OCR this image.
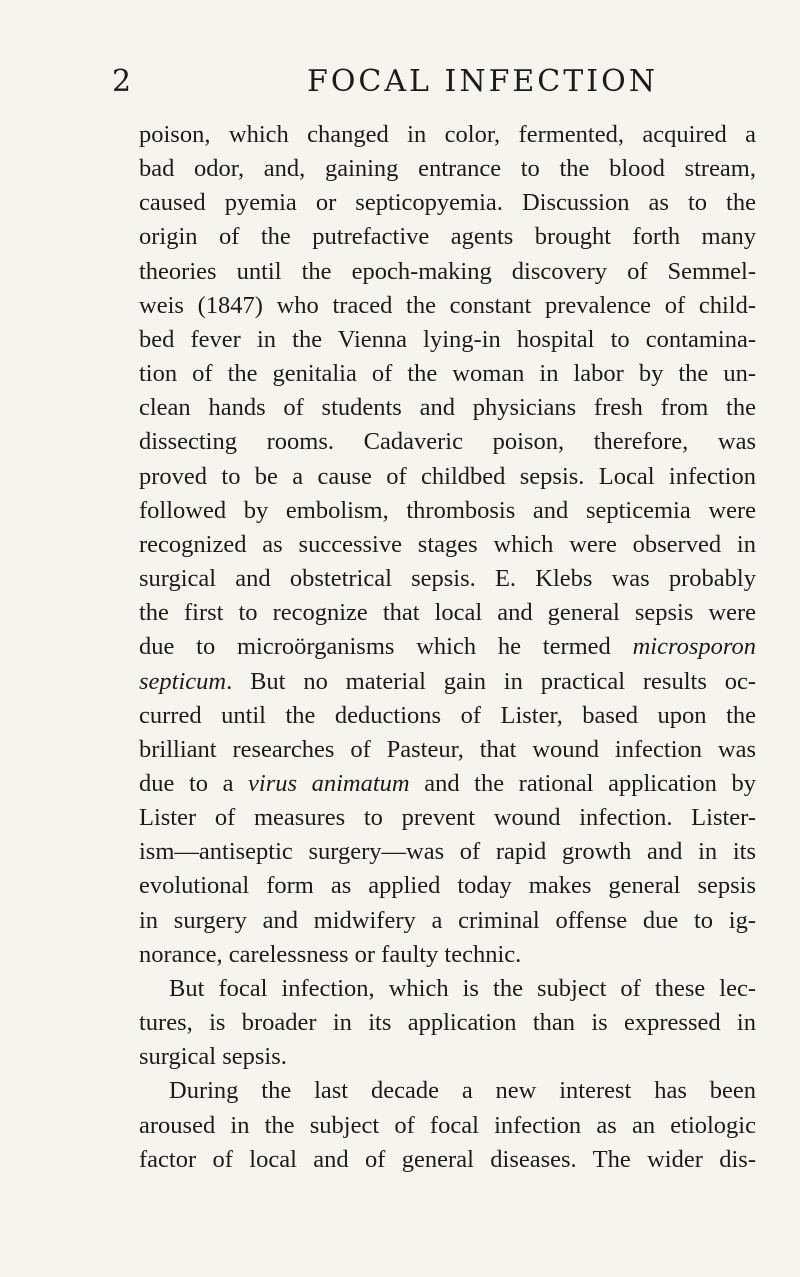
2	FOCAL INFECTION
poison, which changed in color, fermented, acquired a
bad odor, and, gaining entrance to the blood stream,
caused pyemia or septicopyemia. Discussion as to the
origin of the putrefactive agents brought forth many
theories until the epoch-making discovery of Semmel-
weis (1847) who traced the constant prevalence of child-
bed fever in the Vienna lying-in hospital to contamina-
tion of the genitalia of the woman in labor by the un-
clean hands of students and physicians fresh from the
dissecting rooms. Cadaveric poison, therefore, was
proved to be a cause of childbed sepsis. Local infection
followed by embolism, thrombosis and septicemia were
recognized as successive stages which were observed in
surgical and obstetrical sepsis. E. Klebs was probably
the first to recognize that local and general sepsis were
due to microörganisms which he termed microsporon
septicum. But no material gain in practical results oc-
curred until the deductions of Lister, based upon the
brilliant researches of Pasteur, that wound infection was
due to a virus animatum and the rational application by
Lister of measures to prevent wound infection. Lister-
ism—antiseptic surgery—was of rapid growth and in its
evolutional form as applied today makes general sepsis
in surgery and midwifery a criminal offense due to ig-
norance, carelessness or faulty technic.
But focal infection, which is the subject of these lec-
tures, is broader in its application than is expressed in
surgical sepsis.
During the last decade a new interest has been
aroused in the subject of focal infection as an etiologic
factor of local and of general diseases. The wider dis-
